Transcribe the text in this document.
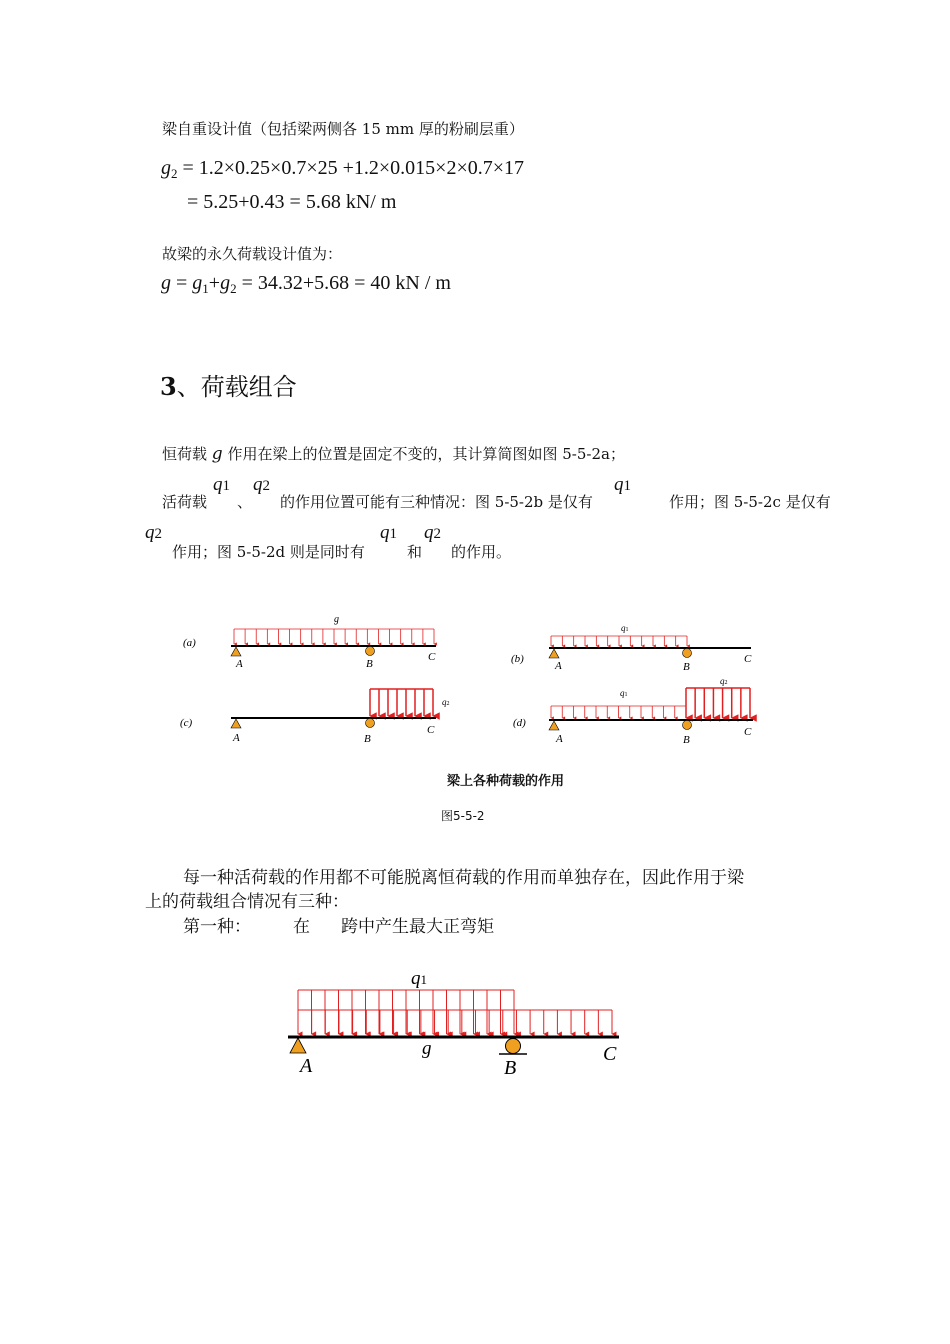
梁自重设计值（包括梁两侧各 15 mm 厚的粉刷层重）
$g_2 = 1.2\times 0.25\times 0.7\times 25 +1.2\times 0.015\times 2\times 0.7\times 17$
= 5.25+0.43 = 5.68 kN/ m
故梁的永久荷载设计值为：
$g = g_1+g_2 = 34.32+5.68 = 40$ kN / m
3、荷载组合
恒荷载 g 作用在梁上的位置是固定不变的，其计算简图如图 5-5-2a；
活荷载
q1
、
q2
的作用位置可能有三种情况：图 5-5-2b 是仅有
q1
作用；图 5-5-2c 是仅有
q2
作用；图 5-5-2d 则是同时有
q1
和
q2
的作用。
(a)
g
A	B
C	(b)
q1
A	B
C
(c)
q2
A	B
C
(d)
q1
q2
A	B
C
q1
g
A	B
C
梁上各种荷载的作用
图5-5-2
每一种活荷载的作用都不可能脱离恒荷载的作用而单独存在，因此作用于梁
上的荷载组合情况有三种：
第一种： 在 跨中产生最大正弯矩
